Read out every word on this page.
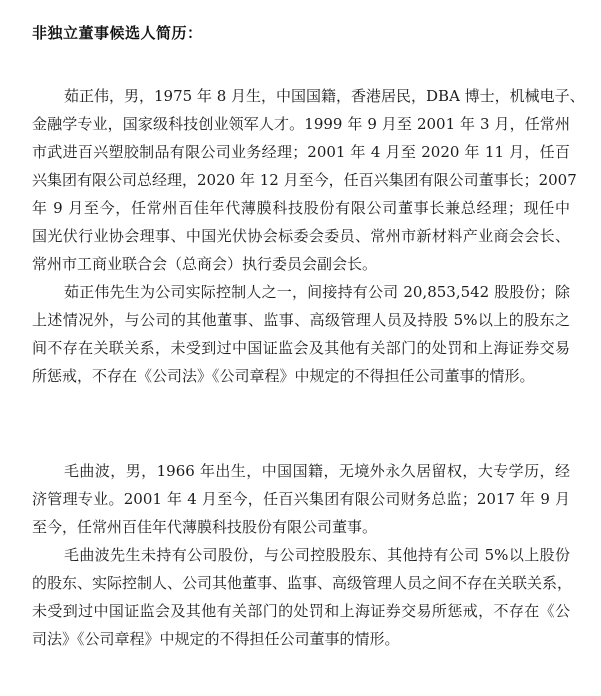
非独立董事候选人简历：
茹正伟，男，1975 年 8 月生，中国国籍，香港居民，DBA 博士，机械电子、
金融学专业，国家级科技创业领军人才。1999 年 9 月至 2001 年 3 月，任常州
市武进百兴塑胶制品有限公司业务经理；2001 年 4 月至 2020 年 11 月，任百
兴集团有限公司总经理，2020 年 12 月至今，任百兴集团有限公司董事长；2007
年 9 月至今，任常州百佳年代薄膜科技股份有限公司董事长兼总经理；现任中
国光伏行业协会理事、中国光伏协会标委会委员、常州市新材料产业商会会长、
常州市工商业联合会（总商会）执行委员会副会长。
茹正伟先生为公司实际控制人之一，间接持有公司 20,853,542 股股份；除
上述情况外，与公司的其他董事、监事、高级管理人员及持股 5%以上的股东之
间不存在关联关系，未受到过中国证监会及其他有关部门的处罚和上海证券交易
所惩戒，不存在《公司法》《公司章程》中规定的不得担任公司董事的情形。
毛曲波，男，1966 年出生，中国国籍，无境外永久居留权，大专学历，经
济管理专业。2001 年 4 月至今，任百兴集团有限公司财务总监；2017 年 9 月
至今，任常州百佳年代薄膜科技股份有限公司董事。
毛曲波先生未持有公司股份，与公司控股股东、其他持有公司 5%以上股份
的股东、实际控制人、公司其他董事、监事、高级管理人员之间不存在关联关系，
未受到过中国证监会及其他有关部门的处罚和上海证券交易所惩戒，不存在《公
司法》《公司章程》中规定的不得担任公司董事的情形。
